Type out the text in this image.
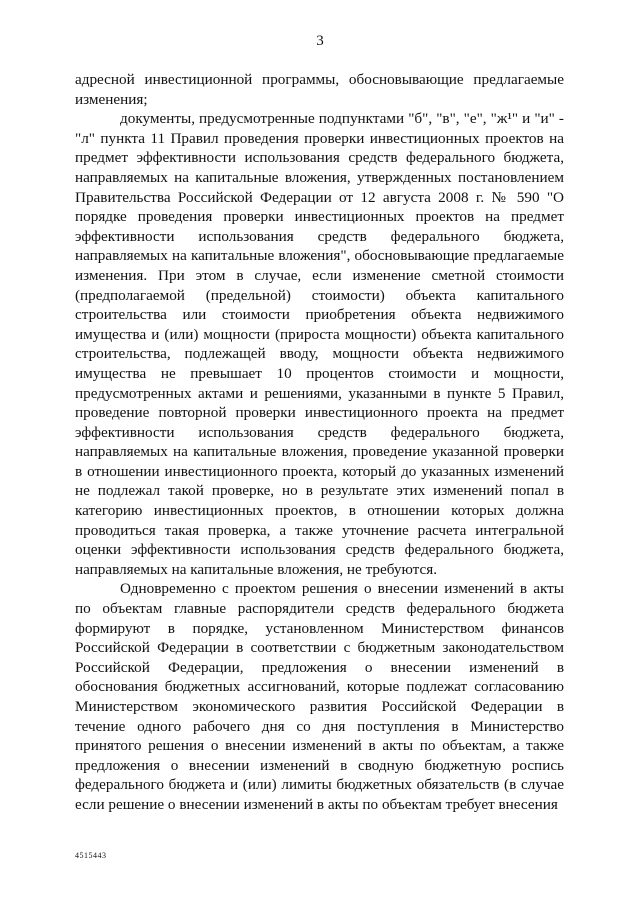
3

адресной инвестиционной программы, обосновывающие предлагаемые изменения;

документы, предусмотренные подпунктами "б", "в", "е", "ж¹" и "и" - "л" пункта 11 Правил проведения проверки инвестиционных проектов на предмет эффективности использования средств федерального бюджета, направляемых на капитальные вложения, утвержденных постановлением Правительства Российской Федерации от 12 августа 2008 г. № 590 "О порядке проведения проверки инвестиционных проектов на предмет эффективности использования средств федерального бюджета, направляемых на капитальные вложения", обосновывающие предлагаемые изменения. При этом в случае, если изменение сметной стоимости (предполагаемой (предельной) стоимости) объекта капитального строительства или стоимости приобретения объекта недвижимого имущества и (или) мощности (прироста мощности) объекта капитального строительства, подлежащей вводу, мощности объекта недвижимого имущества не превышает 10 процентов стоимости и мощности, предусмотренных актами и решениями, указанными в пункте 5 Правил, проведение повторной проверки инвестиционного проекта на предмет эффективности использования средств федерального бюджета, направляемых на капитальные вложения, проведение указанной проверки в отношении инвестиционного проекта, который до указанных изменений не подлежал такой проверке, но в результате этих изменений попал в категорию инвестиционных проектов, в отношении которых должна проводиться такая проверка, а также уточнение расчета интегральной оценки эффективности использования средств федерального бюджета, направляемых на капитальные вложения, не требуются.

Одновременно с проектом решения о внесении изменений в акты по объектам главные распорядители средств федерального бюджета формируют в порядке, установленном Министерством финансов Российской Федерации в соответствии с бюджетным законодательством Российской Федерации, предложения о внесении изменений в обоснования бюджетных ассигнований, которые подлежат согласованию Министерством экономического развития Российской Федерации в течение одного рабочего дня со дня поступления в Министерство принятого решения о внесении изменений в акты по объектам, а также предложения о внесении изменений в сводную бюджетную роспись федерального бюджета и (или) лимиты бюджетных обязательств (в случае если решение о внесении изменений в акты по объектам требует внесения

4515443
